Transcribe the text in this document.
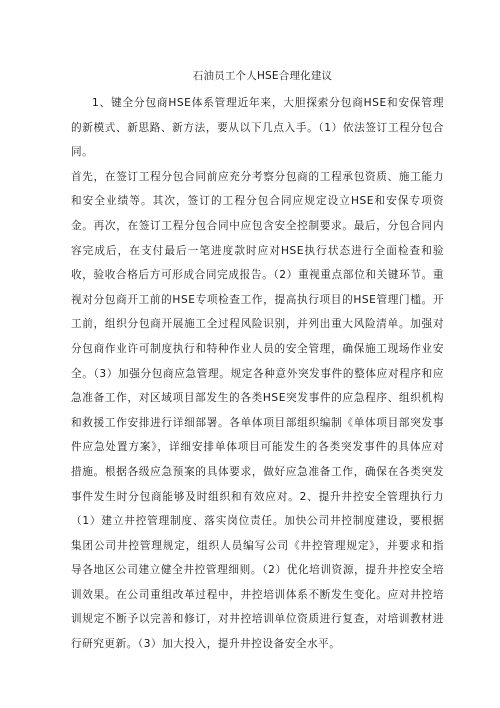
石油员工个人HSE合理化建议

1、键全分包商HSE体系管理近年来，大胆探索分包商HSE和安保管理的新模式、新思路、新方法，要从以下几点入手。（1）依法签订工程分包合同。

首先，在签订工程分包合同前应充分考察分包商的工程承包资质、施工能力和安全业绩等。其次，签订的工程分包合同应规定设立HSE和安保专项资金。再次，在签订工程分包合同中应包含安全控制要求。最后，分包合同内容完成后，在支付最后一笔进度款时应对HSE执行状态进行全面检查和验收，验收合格后方可形成合同完成报告。（2）重视重点部位和关键环节。重视对分包商开工前的HSE专项检查工作，提高执行项目的HSE管理门槛。开工前，组织分包商开展施工全过程风险识别，并列出重大风险清单。加强对分包商作业许可制度执行和特种作业人员的安全管理，确保施工现场作业安全。（3）加强分包商应急管理。规定各种意外突发事件的整体应对程序和应急准备工作，对区域项目部发生的各类HSE突发事件的应急程序、组织机构和救援工作安排进行详细部署。各单体项目部组织编制《单体项目部突发事件应急处置方案》，详细安排单体项目可能发生的各类突发事件的具体应对措施。根据各级应急预案的具体要求，做好应急准备工作，确保在各类突发事件发生时分包商能够及时组织和有效应对。2、提升井控安全管理执行力（1）建立井控管理制度、落实岗位责任。加快公司井控制度建设，要根据集团公司井控管理规定，组织人员编写公司《井控管理规定》，并要求和指导各地区公司建立健全井控管理细则。（2）优化培训资源，提升井控安全培训效果。在公司重组改革过程中，井控培训体系不断发生变化。应对井控培训规定不断予以完善和修订，对井控培训单位资质进行复查，对培训教材进行研究更新。（3）加大投入，提升井控设备安全水平。
